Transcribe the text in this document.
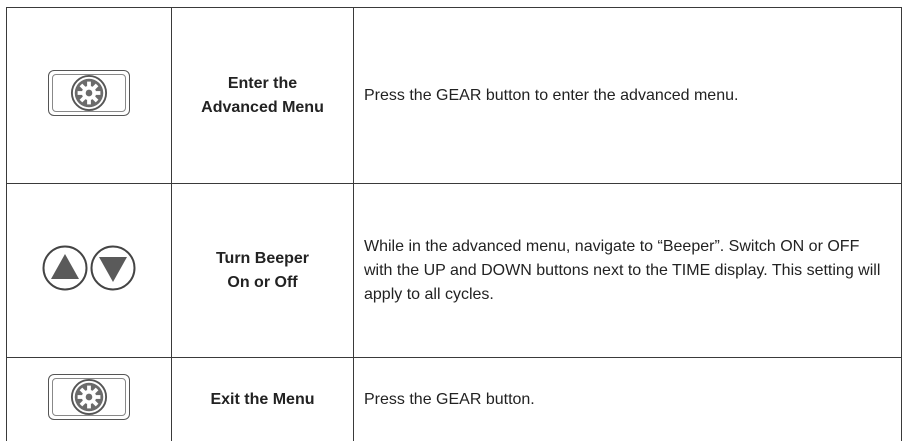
	Enter the
Advanced Menu	Press the GEAR button to enter the advanced menu.

	Turn Beeper
On or Off	While in the advanced menu, navigate to “Beeper”. Switch ON or OFF with the UP and DOWN buttons next to the TIME display. This setting will apply to all cycles.

	Exit the Menu	Press the GEAR button.
